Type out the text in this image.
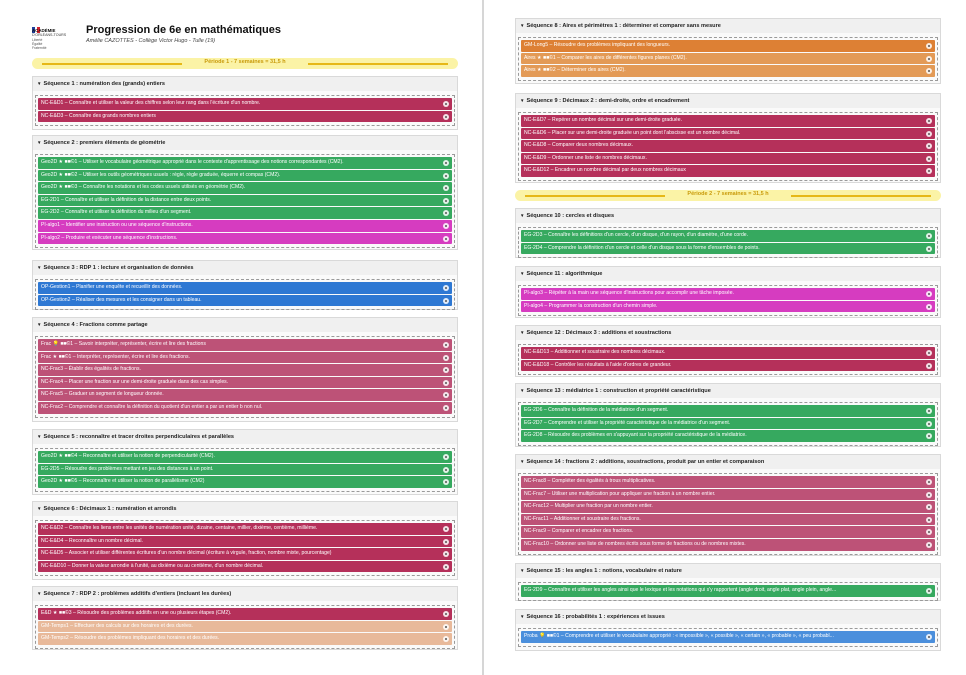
ACADÉMIE
D'ORLÉANS-TOURS
Liberté Égalité Fraternité
Progression de 6e en mathématiques
Amélie CAZOTTES - Collège Victor Hugo - Tulle (19)
Période 1 - 7 semaines = 31,5 h
▼ Séquence 1 : numération des (grands) entiers
NC-E&D1 – Connaître et utiliser la valeur des chiffres selon leur rang dans l'écriture d'un nombre.
NC-E&D3 – Connaître des grands nombres entiers
▼ Séquence 2 : premiers éléments de géométrie
Geo2D ★ ■■©1 – Utiliser le vocabulaire géométrique approprié dans le contexte d'apprentissage des notions correspondantes (CM2).
Geo2D ★ ■■©2 – Utiliser les outils géométriques usuels : règle, règle graduée, équerre et compas (CM2).
Geo2D ★ ■■©3 – Connaître les notations et les codes usuels utilisés en géométrie (CM2).
EG-2D1 – Connaître et utiliser la définition de la distance entre deux points.
EG-2D2 – Connaître et utiliser la définition du milieu d'un segment.
PI-algo1 – Identifier une instruction ou une séquence d'instructions.
PI-algo2 – Produire et exécuter une séquence d'instructions.
▼ Séquence 3 : RDP 1 : lecture et organisation de données
OP-Gestion1 – Planifier une enquête et recueillir des données.
OP-Gestion2 – Réaliser des mesures et les consigner dans un tableau.
▼ Séquence 4 : Fractions comme partage
Frac 💡 ■■©1 – Savoir interpréter, représenter, écrire et lire des fractions
Frac ★ ■■©1 – Interpréter, représenter, écrire et lire des fractions.
NC-Frac3 – Établir des égalités de fractions.
NC-Frac4 – Placer une fraction sur une demi-droite graduée dans des cas simples.
NC-Frac5 – Graduer un segment de longueur donnée.
NC-Frac2 – Comprendre et connaître la définition du quotient d'un entier a par un entier b non nul.
▼ Séquence 5 : reconnaître et tracer droites perpendiculaires et parallèles
Geo2D ★ ■■©4 – Reconnaître et utiliser la notion de perpendicularité (CM2).
EG-2D5 – Résoudre des problèmes mettant en jeu des distances à un point.
Geo2D ★ ■■©5 – Reconnaître et utiliser la notion de parallélisme (CM2)
▼ Séquence 6 : Décimaux 1 : numération et arrondis
NC-E&D2 – Connaître les liens entre les unités de numération unité, dizaine, centaine, millier, dixième, centième, millième.
NC-E&D4 – Reconnaître un nombre décimal.
NC-E&D5 – Associer et utiliser différentes écritures d'un nombre décimal (écriture à virgule, fraction, nombre mixte, pourcentage)
NC-E&D10 – Donner la valeur arrondie à l'unité, au dixième ou au centième, d'un nombre décimal.
▼ Séquence 7 : RDP 2 : problèmes additifs d'entiers (incluant les durées)
E&D ★ ■■©3 – Résoudre des problèmes additifs en une ou plusieurs étapes (CM2).
GM-Temps1 – Effectuer des calculs sur des horaires et des durées.
GM-Temps2 – Résoudre des problèmes impliquant des horaires et des durées.
▼ Séquence 8 : Aires et périmètres 1 : déterminer et comparer sans mesure
GM-Long5 – Résoudre des problèmes impliquant des longueurs.
Aires ★ ■■©1 – Comparer les aires de différentes figures planes (CM2).
Aires ★ ■■©2 – Déterminer des aires (CM2).
▼ Séquence 9 : Décimaux 2 : demi-droite, ordre et encadrement
NC-E&D7 – Repérer un nombre décimal sur une demi-droite graduée.
NC-E&D6 – Placer sur une demi-droite graduée un point dont l'abscisse est un nombre décimal.
NC-E&D8 – Comparer deux nombres décimaux.
NC-E&D9 – Ordonner une liste de nombres décimaux.
NC-E&D12 – Encadrer un nombre décimal par deux nombres décimaux
Période 2 - 7 semaines = 31,5 h
▼ Séquence 10 : cercles et disques
EG-2D3 – Connaître les définitions d'un cercle, d'un disque, d'un rayon, d'un diamètre, d'une corde.
EG-2D4 – Comprendre la définition d'un cercle et celle d'un disque sous la forme d'ensembles de points.
▼ Séquence 11 : algorithmique
PI-algo3 – Répéter à la main une séquence d'instructions pour accomplir une tâche imposée.
PI-algo4 – Programmer la construction d'un chemin simple.
▼ Séquence 12 : Décimaux 3 : additions et soustractions
NC-E&D13 – Additionner et soustraire des nombres décimaux.
NC-E&D18 – Contrôler les résultats à l'aide d'ordres de grandeur.
▼ Séquence 13 : médiatrice 1 : construction et propriété caractéristique
EG-2D6 – Connaître la définition de la médiatrice d'un segment.
EG-2D7 – Comprendre et utiliser la propriété caractéristique de la médiatrice d'un segment.
EG-2D8 – Résoudre des problèmes en s'appuyant sur la propriété caractéristique de la médiatrice.
▼ Séquence 14 : fractions 2 : additions, soustractions, produit par un entier et comparaison
NC-Frac8 – Compléter des égalités à trous multiplicatives.
NC-Frac7 – Utiliser une multiplication pour appliquer une fraction à un nombre entier.
NC-Frac12 – Multiplier une fraction par un nombre entier.
NC-Frac11 – Additionner et soustraire des fractions.
NC-Frac9 – Comparer et encadrer des fractions.
NC-Frac10 – Ordonner une liste de nombres écrits sous forme de fractions ou de nombres mixtes.
▼ Séquence 15 : les angles 1 : notions, vocabulaire et nature
EG-2D9 – Connaître et utiliser les angles ainsi que le lexique et les notations qui s'y rapportent (angle droit, angle plat, angle plein, angle...
▼ Séquence 16 : probabilités 1 : expériences et issues
Proba 💡 ■■©1 – Comprendre et utiliser le vocabulaire approprié : « impossible », « possible », « certain », « probable », « peu probabl...
